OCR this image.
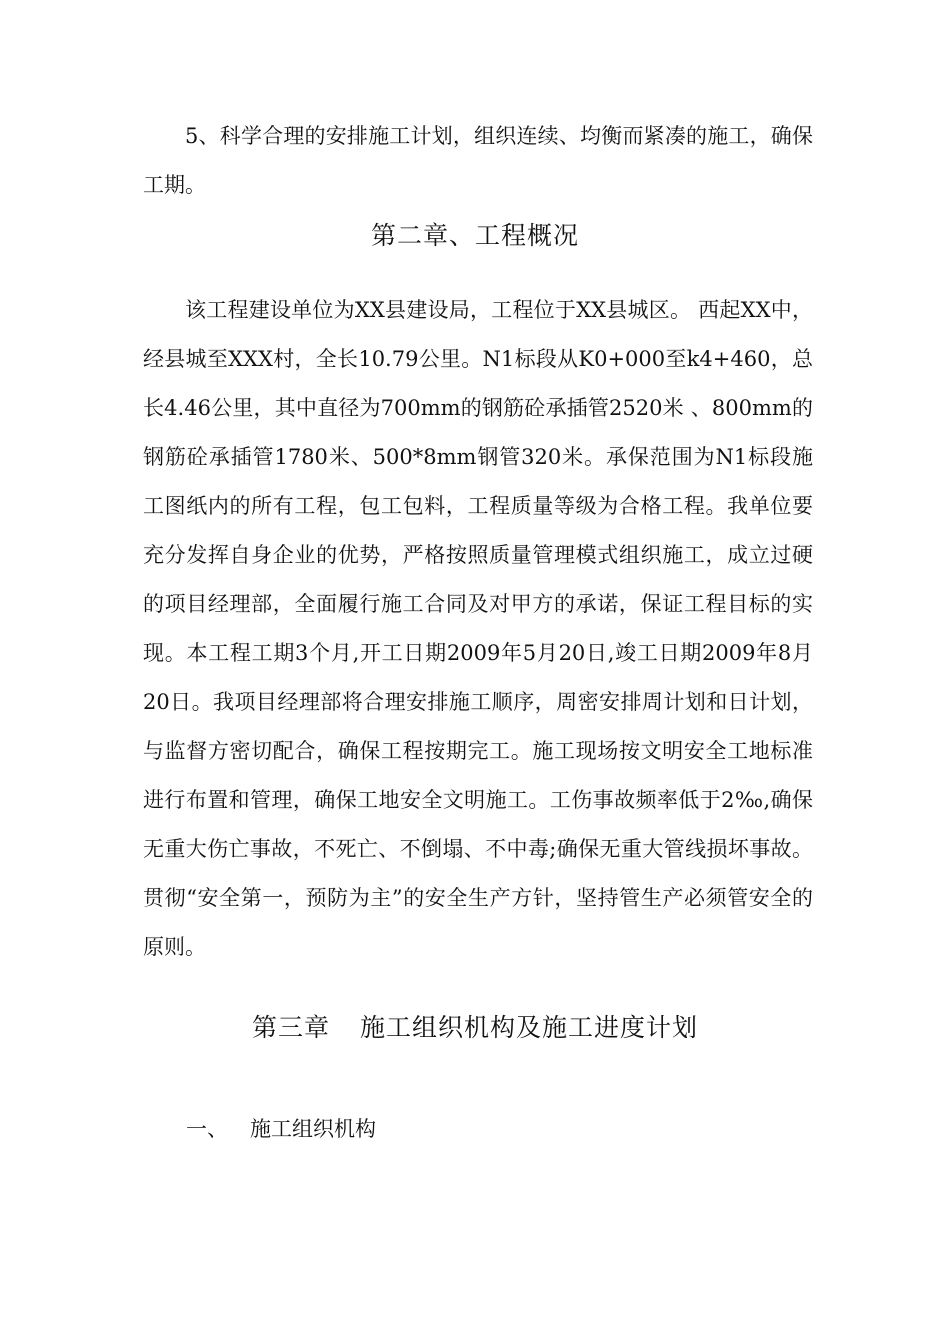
5、科学合理的安排施工计划，组织连续、均衡而紧凑的施工，确保工期。

第二章、工程概况

该工程建设单位为XX县建设局，工程位于XX县城区。 西起XX中，经县城至XXX村，全长10.79公里。N1标段从K0+000至k4+460，总长4.46公里，其中直径为700mm的钢筋砼承插管2520米 、800mm的钢筋砼承插管1780米、500*8mm钢管320米。承保范围为N1标段施工图纸内的所有工程，包工包料，工程质量等级为合格工程。我单位要充分发挥自身企业的优势，严格按照质量管理模式组织施工，成立过硬的项目经理部，全面履行施工合同及对甲方的承诺，保证工程目标的实现。本工程工期3个月,开工日期2009年5月20日,竣工日期2009年8月20日。我项目经理部将合理安排施工顺序，周密安排周计划和日计划，与监督方密切配合，确保工程按期完工。施工现场按文明安全工地标准进行布置和管理，确保工地安全文明施工。工伤事故频率低于2‰,确保无重大伤亡事故，不死亡、不倒塌、不中毒;确保无重大管线损坏事故。贯彻“安全第一，预防为主”的安全生产方针，坚持管生产必须管安全的原则。

第三章 施工组织机构及施工进度计划
一、 施工组织机构
